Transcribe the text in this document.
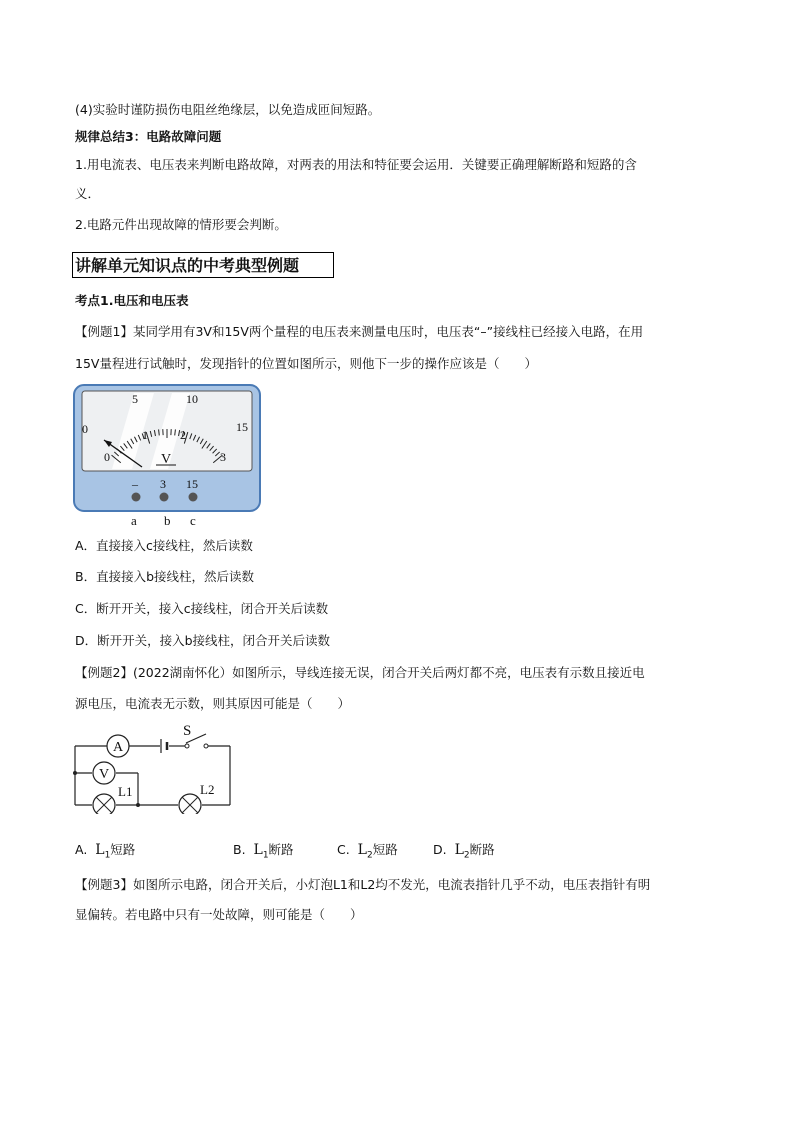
(4)实验时谨防损伤电阻丝绝缘层，以免造成匝间短路。
规律总结3：电路故障问题
1.用电流表、电压表来判断电路故障，对两表的用法和特征要会运用．关键要正确理解断路和短路的含
义．
2.电路元件出现故障的情形要会判断。
讲解单元知识点的中考典型例题
考点1.电压和电压表
【例题1】某同学用有3V和15V两个量程的电压表来测量电压时，电压表“–”接线柱已经接入电路，在用
15V量程进行试触时，发现指针的位置如图所示，则他下一步的操作应该是（　　）
0
5	10
15
0
1	2
3
V
– 3 15
a b c
A．直接接入c接线柱，然后读数
B．直接接入b接线柱，然后读数
C．断开开关，接入c接线柱，闭合开关后读数
D．断开开关，接入b接线柱，闭合开关后读数
【例题2】(2022湖南怀化）如图所示，导线连接无误，闭合开关后两灯都不亮，电压表有示数且接近电
源电压，电流表无示数，则其原因可能是（　　）
A
V
S
L1	L2
A. $L_1$短路	B. $L_1$断路	C. $L_2$短路	D. $L_2$断路
【例题3】如图所示电路，闭合开关后，小灯泡L1和L2均不发光，电流表指针几乎不动，电压表指针有明
显偏转。若电路中只有一处故障，则可能是（　　）
